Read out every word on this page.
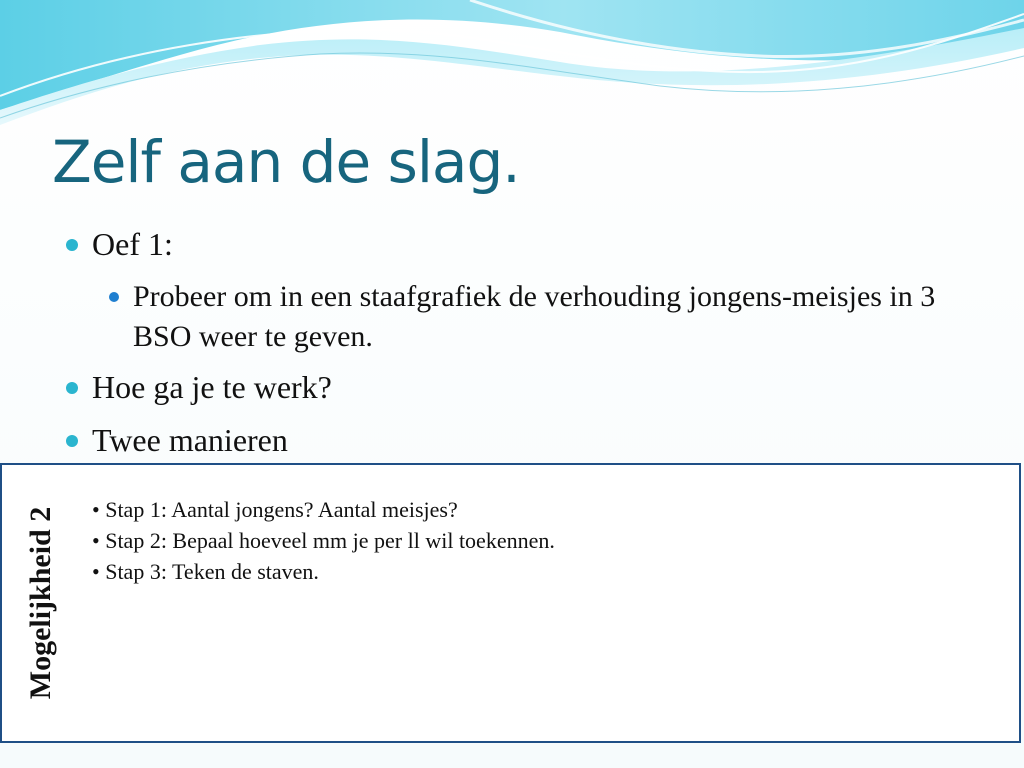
Zelf aan de slag.
Oef 1:
Probeer om in een staafgrafiek de verhouding jongens-meisjes in 3 BSO weer te geven.
Hoe ga je te werk?
Twee manieren
Mogelijkheid 2 • Stap 1: Aantal jongens? Aantal meisjes?
• Stap 2: Bepaal hoeveel mm je per ll wil toekennen.
• Stap 3: Teken de staven.
